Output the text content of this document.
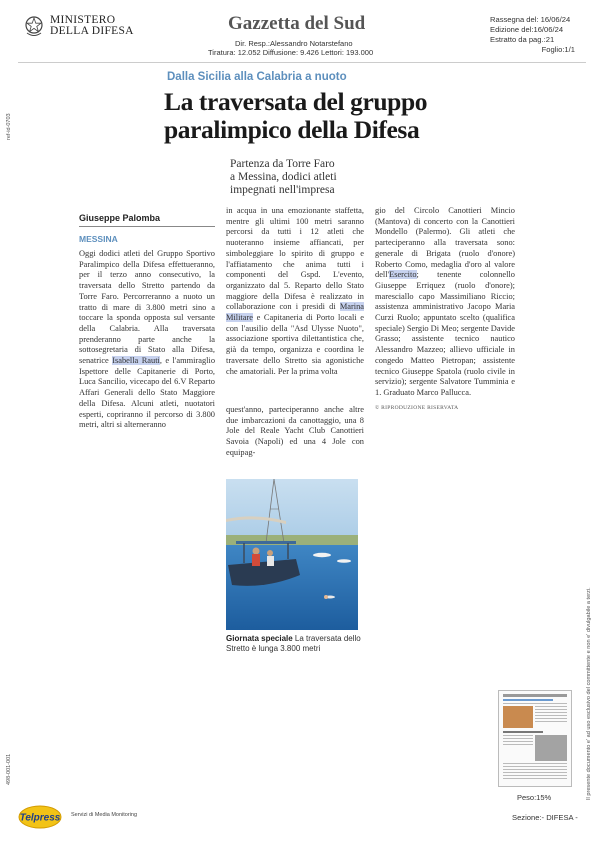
MINISTERO
DELLA DIFESA	Gazzetta del Sud
Dir. Resp.:Alessandro Notarstefano
Tiratura: 12.052 Diffusione: 9.426 Lettori: 193.000
Rassegna del: 16/06/24
Edizione del:16/06/24
Estratto da pag.:21
Foglio:1/1
ref-id-0703
498-001-001	Il presente documento e' ad uso esclusivo del committente e non e' divulgabile a terzi.
Dalla Sicilia alla Calabria a nuoto
La traversata del gruppo
paralimpico della Difesa
Partenza da Torre Faro
a Messina, dodici atleti
impegnati nell'impresa
Giuseppe Palomba
MESSINA

Oggi dodici atleti del Gruppo Sportivo Paralimpico della Difesa effettueranno, per il terzo anno consecutivo, la traversata dello Stretto partendo da Torre Faro. Percorreranno a nuoto un tratto di mare di 3.800 metri sino a toccare la sponda opposta sul versante della Calabria. Alla traversata prenderanno parte anche la sottosegretaria di Stato alla Difesa, senatrice Isabella Rauti, e l'ammiraglio Ispettore delle Capitanerie di Porto, Luca Sancilio, vicecapo del 6.V Reparto Affari Generali dello Stato Maggiore della Difesa. Alcuni atleti, nuotatori esperti, copriranno il percorso di 3.800 metri, altri si alterneranno

in acqua in una emozionante staffetta, mentre gli ultimi 100 metri saranno percorsi da tutti i 12 atleti che nuoteranno insieme affiancati, per simboleggiare lo spirito di gruppo e l'affiatamento che anima tutti i componenti del Gspd. L'evento, organizzato dal 5. Reparto dello Stato maggiore della Difesa è realizzato in collaborazione con i presidi di Marina Militare e Capitaneria di Porto locali e con l'ausilio della "Asd Ulysse Nuoto", associazione sportiva dilettantistica che, già da tempo, organizza e coordina le traversate dello Stretto sia agonistiche che amatoriali. Per la prima volta

quest'anno, parteciperanno anche altre due imbarcazioni da canottaggio, una 8 Jole del Reale Yacht Club Canottieri Savoia (Napoli) ed una 4 Jole con equipag-

gio del Circolo Canottieri Mincio (Mantova) di concerto con la Canottieri Mondello (Palermo). Gli atleti che parteciperanno alla traversata sono: generale di Brigata (ruolo d'onore) Roberto Como, medaglia d'oro al valore dell'Esercito; tenente colonnello Giuseppe Erriquez (ruolo d'onore); maresciallo capo Massimiliano Riccio; assistenza amministrativo Jacopo Maria Curzi Ruolo; appuntato scelto (qualifica speciale) Sergio Di Meo; sergente Davide Grasso; assistente tecnico nautico Alessandro Mazzeo; allievo ufficiale in congedo Matteo Pietropan; assistente tecnico Giuseppe Spatola (ruolo civile in servizio); sergente Salvatore Tumminia e 1. Graduato Marco Pallucca.

© RIPRODUZIONE RISERVATA
Giornata speciale La traversata dello Stretto è lunga 3.800 metri
Peso:15%
Telpress Servizi di Media Monitoring	Sezione:- DIFESA -
